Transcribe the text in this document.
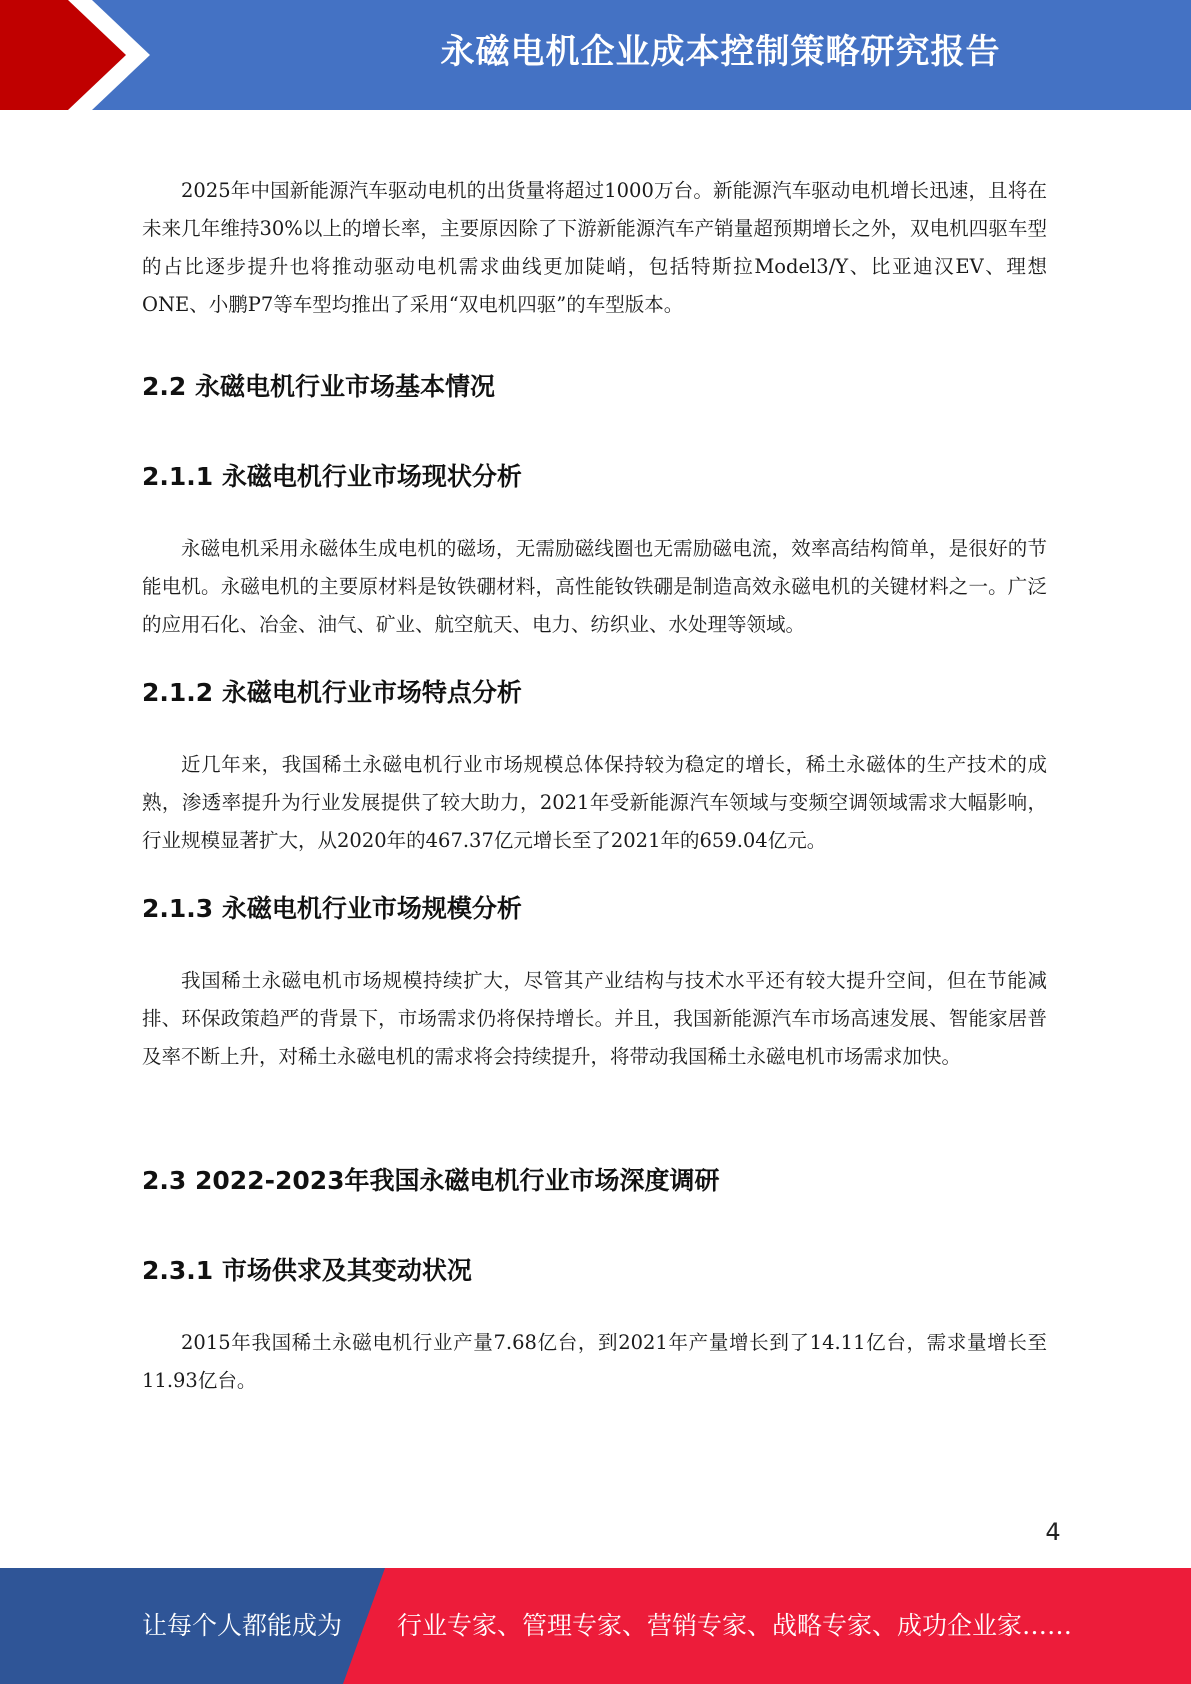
永磁电机企业成本控制策略研究报告

2025年中国新能源汽车驱动电机的出货量将超过1000万台。新能源汽车驱动电机增长迅速，且将在未来几年维持30%以上的增长率，主要原因除了下游新能源汽车产销量超预期增长之外，双电机四驱车型的占比逐步提升也将推动驱动电机需求曲线更加陡峭，包括特斯拉Model3/Y、比亚迪汉EV、理想ONE、小鹏P7等车型均推出了采用“双电机四驱”的车型版本。

2.2 永磁电机行业市场基本情况
2.1.1 永磁电机行业市场现状分析

永磁电机采用永磁体生成电机的磁场，无需励磁线圈也无需励磁电流，效率高结构简单，是很好的节能电机。永磁电机的主要原材料是钕铁硼材料，高性能钕铁硼是制造高效永磁电机的关键材料之一。广泛的应用石化、冶金、油气、矿业、航空航天、电力、纺织业、水处理等领域。

2.1.2 永磁电机行业市场特点分析

近几年来，我国稀土永磁电机行业市场规模总体保持较为稳定的增长，稀土永磁体的生产技术的成熟，渗透率提升为行业发展提供了较大助力，2021年受新能源汽车领域与变频空调领域需求大幅影响，行业规模显著扩大，从2020年的467.37亿元增长至了2021年的659.04亿元。

2.1.3 永磁电机行业市场规模分析

我国稀土永磁电机市场规模持续扩大，尽管其产业结构与技术水平还有较大提升空间，但在节能减排、环保政策趋严的背景下，市场需求仍将保持增长。并且，我国新能源汽车市场高速发展、智能家居普及率不断上升，对稀土永磁电机的需求将会持续提升，将带动我国稀土永磁电机市场需求加快。

2.3 2022-2023年我国永磁电机行业市场深度调研
2.3.1 市场供求及其变动状况

2015年我国稀土永磁电机行业产量7.68亿台，到2021年产量增长到了14.11亿台，需求量增长至11.93亿台。

4
让每个人都能成为 行业专家、管理专家、营销专家、战略专家、成功企业家……
